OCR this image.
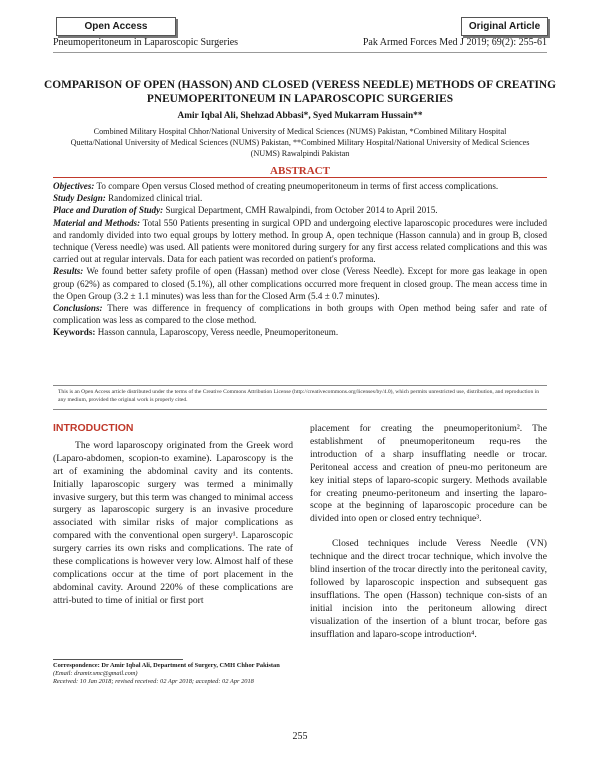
Open Access	Original Article
Pneumoperitoneum in Laparoscopic Surgeries	Pak Armed Forces Med J 2019; 69(2): 255-61
COMPARISON OF OPEN (HASSON) AND CLOSED (VERESS NEEDLE) METHODS OF CREATING PNEUMOPERITONEUM IN LAPAROSCOPIC SURGERIES
Amir Iqbal Ali, Shehzad Abbasi*, Syed Mukarram Hussain**
Combined Military Hospital Chhor/National University of Medical Sciences (NUMS) Pakistan, *Combined Military Hospital Quetta/National University of Medical Sciences (NUMS) Pakistan, **Combined Military Hospital/National University of Medical Sciences (NUMS) Rawalpindi Pakistan
ABSTRACT

Objectives: To compare Open versus Closed method of creating pneumoperitoneum in terms of first access complications.

Study Design: Randomized clinical trial.

Place and Duration of Study: Surgical Department, CMH Rawalpindi, from October 2014 to April 2015.

Material and Methods: Total 550 Patients presenting in surgical OPD and undergoing elective laparoscopic procedures were included and randomly divided into two equal groups by lottery method. In group A, open technique (Hasson cannula) and in group B, closed technique (Veress needle) was used. All patients were monitored during surgery for any first access related complications and this was carried out at regular intervals. Data for each patient was recorded on patient's proforma.

Results: We found better safety profile of open (Hassan) method over close (Veress Needle). Except for more gas leakage in open group (62%) as compared to closed (5.1%), all other complications occurred more frequent in closed group. The mean access time in the Open Group (3.2 ± 1.1 minutes) was less than for the Closed Arm (5.4 ± 0.7 minutes).

Conclusions: There was difference in frequency of complications in both groups with Open method being safer and rate of complication was less as compared to the close method.

Keywords: Hasson cannula, Laparoscopy, Veress needle, Pneumoperitoneum.

This is an Open Access article distributed under the terms of the Creative Commons Attribution License (http://creativecommons.org/licenses/by/4.0), which permits unrestricted use, distribution, and reproduction in any medium, provided the original work is properly cited.
INTRODUCTION

The word laparoscopy originated from the Greek word (Laparo-abdomen, scopion-to examine). Laparoscopy is the art of examining the abdominal cavity and its contents. Initially laparoscopic surgery was termed a minimally invasive surgery, but this term was changed to minimal access surgery as laparoscopic surgery is an invasive procedure associated with similar risks of major complications as compared with the conventional open surgery¹. Laparoscopic surgery carries its own risks and complications. The rate of these complications is however very low. Almost half of these complications occur at the time of port placement in the abdominal cavity. Around 220% of these complications are attri-buted to time of initial or first port

placement for creating the pneumoperitonium². The establishment of pneumoperitoneum requ-res the introduction of a sharp insufflating needle or trocar. Peritoneal access and creation of pneu-mo peritoneum are key initial steps of laparo-scopic surgery. Methods available for creating pneumo-peritoneum and inserting the laparo-scope at the beginning of laparoscopic procedure can be divided into open or closed entry technique³.

Closed techniques include Veress Needle (VN) technique and the direct trocar technique, which involve the blind insertion of the trocar directly into the peritoneal cavity, followed by laparoscopic inspection and subsequent gas insufflations. The open (Hasson) technique con-sists of an initial incision into the peritoneum allowing direct visualization of the insertion of a blunt trocar, before gas insufflation and laparo-scope introduction⁴.

Correspondence: Dr Amir Iqbal Ali, Department of Surgery, CMH Chhor Pakistan (Email: dramir.smc@gmail.com)
Received: 10 Jan 2018; revised received: 02 Apr 2018; accepted: 02 Apr 2018
255
